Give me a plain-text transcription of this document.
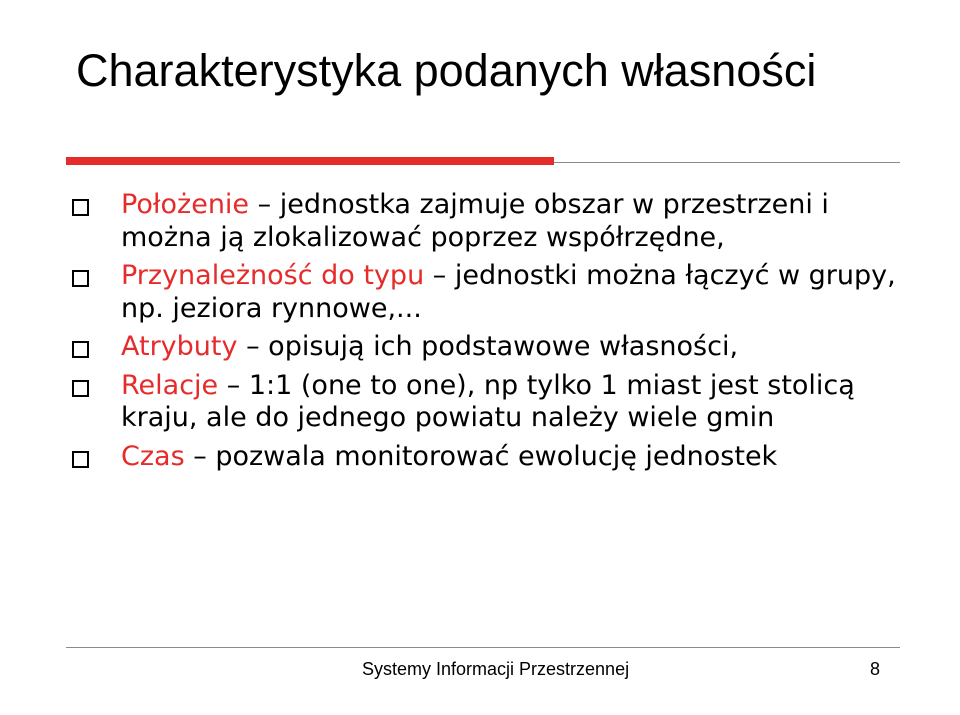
Charakterystyka podanych własności
Położenie – jednostka zajmuje obszar w przestrzeni i można ją zlokalizować poprzez współrzędne,
Przynależność do typu – jednostki można łączyć w grupy, np. jeziora rynnowe,...
Atrybuty – opisują ich podstawowe własności,
Relacje – 1:1 (one to one), np tylko 1 miast jest stolicą kraju, ale do jednego powiatu należy wiele gmin
Czas – pozwala monitorować ewolucję jednostek
Systemy Informacji Przestrzennej	8
